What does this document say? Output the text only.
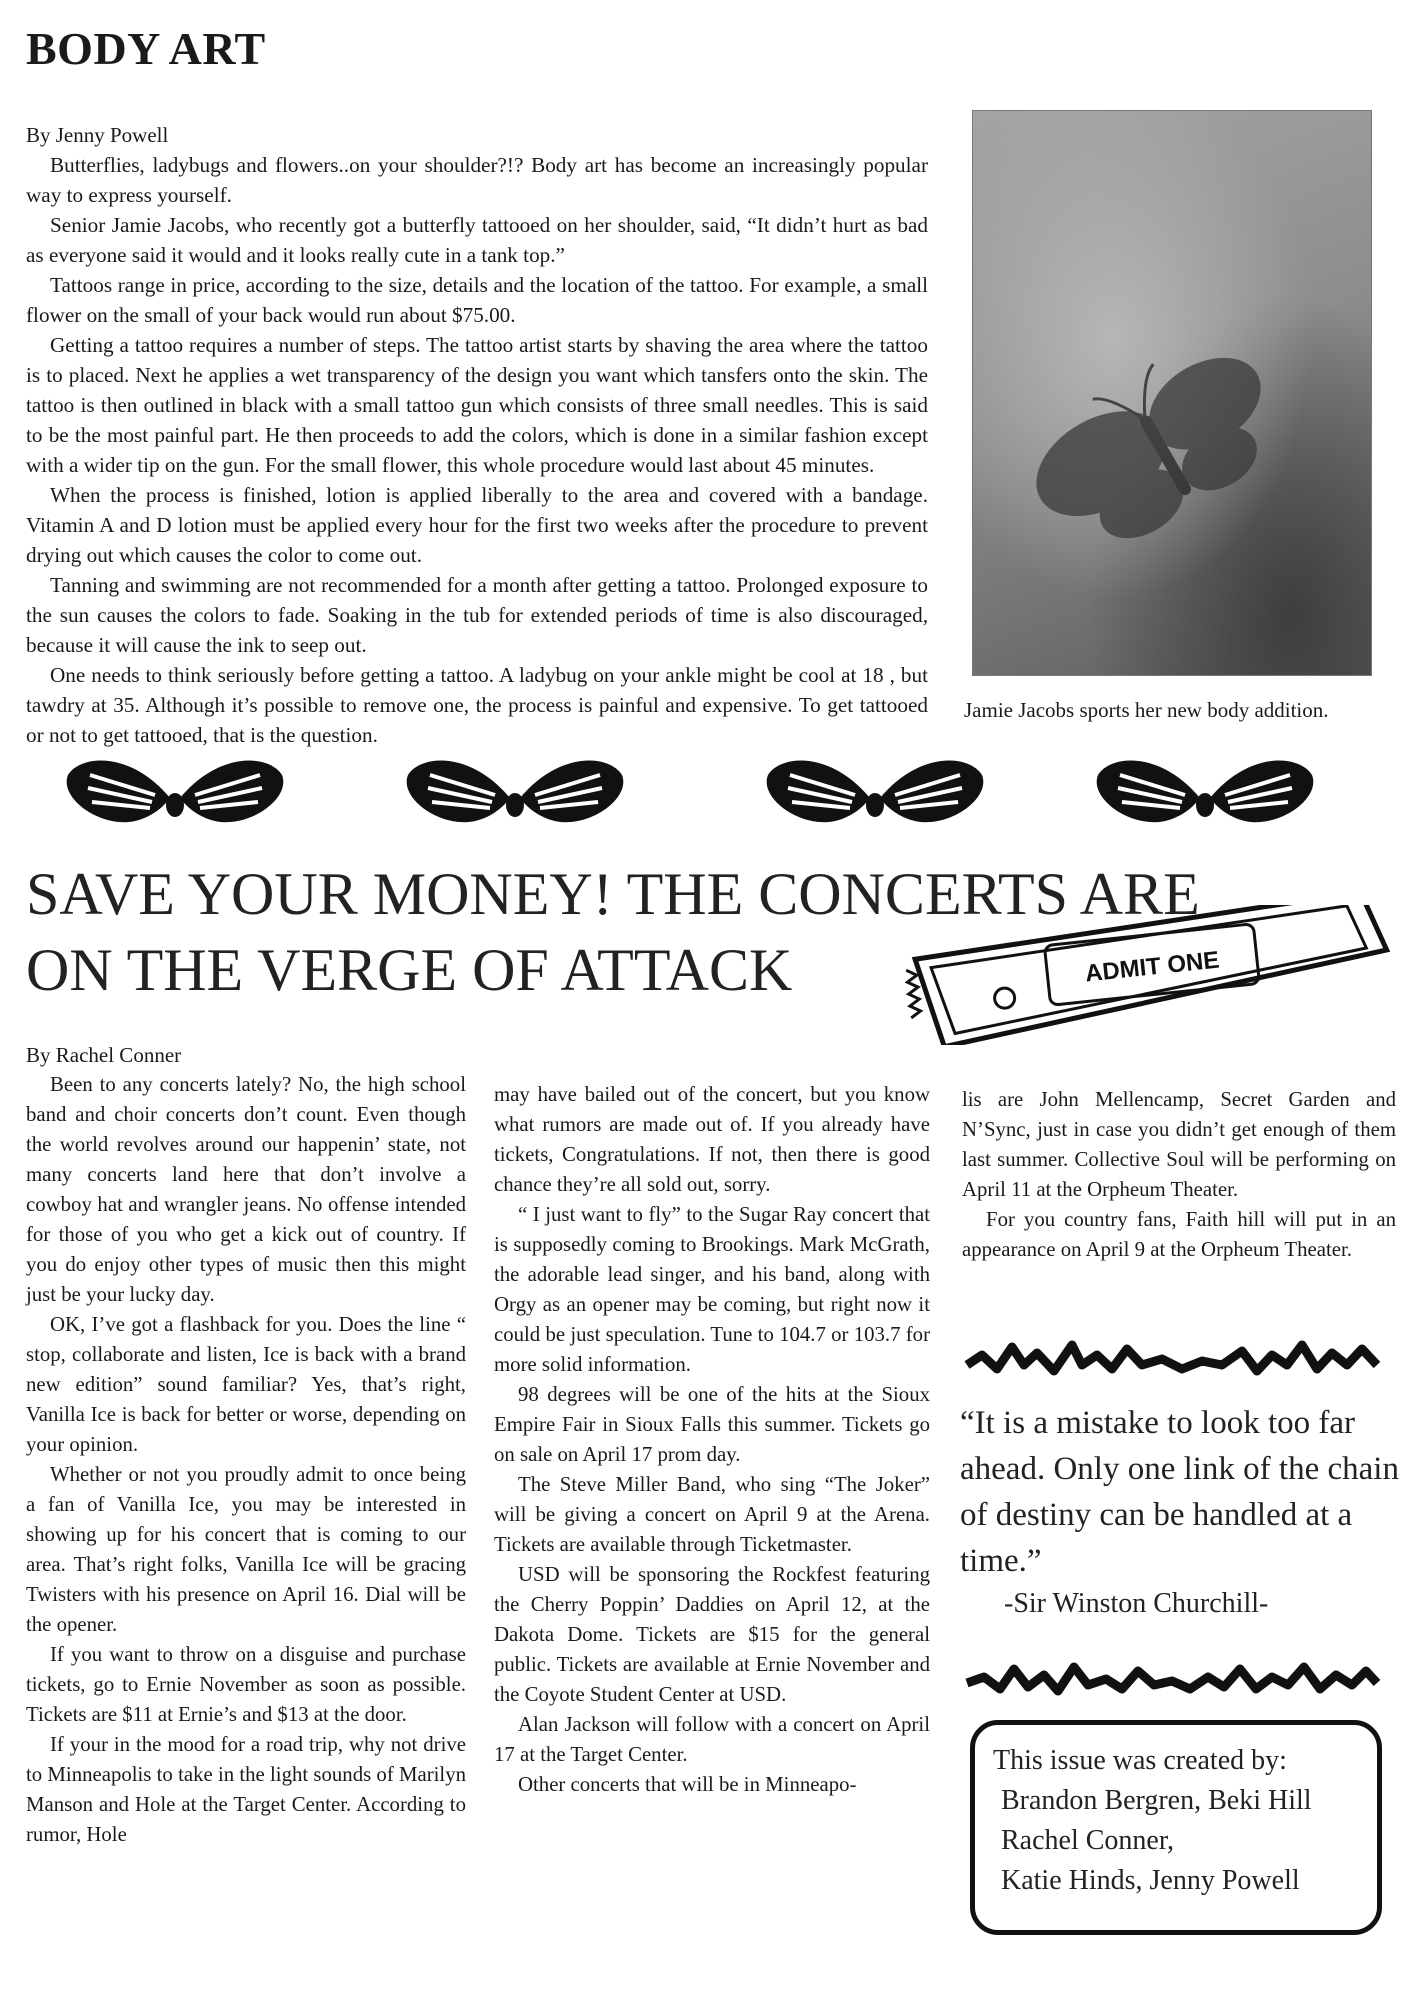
BODY ART
By Jenny Powell

Butterflies, ladybugs and flowers..on your shoulder?!? Body art has become an increasingly popular way to express yourself.

Senior Jamie Jacobs, who recently got a butterfly tattooed on her shoulder, said, “It didn’t hurt as bad as everyone said it would and it looks really cute in a tank top.”

Tattoos range in price, according to the size, details and the location of the tattoo. For example, a small flower on the small of your back would run about $75.00.

Getting a tattoo requires a number of steps. The tattoo artist starts by shaving the area where the tattoo is to placed. Next he applies a wet transparency of the design you want which tansfers onto the skin. The tattoo is then outlined in black with a small tattoo gun which consists of three small needles. This is said to be the most painful part. He then proceeds to add the colors, which is done in a similar fashion except with a wider tip on the gun. For the small flower, this whole procedure would last about 45 minutes.

When the process is finished, lotion is applied liberally to the area and covered with a bandage. Vitamin A and D lotion must be applied every hour for the first two weeks after the procedure to prevent drying out which causes the color to come out.

Tanning and swimming are not recommended for a month after getting a tattoo. Prolonged exposure to the sun causes the colors to fade. Soaking in the tub for extended periods of time is also discouraged, because it will cause the ink to seep out.

One needs to think seriously before getting a tattoo. A ladybug on your ankle might be cool at 18 , but tawdry at 35. Although it’s possible to remove one, the process is painful and expensive. To get tattooed or not to get tattooed, that is the question.

Jamie Jacobs sports her new body addition.
SAVE YOUR MONEY! THE CONCERTS ARE
ON THE VERGE OF ATTACK	ADMIT ONE
By Rachel Conner

Been to any concerts lately? No, the high school band and choir concerts don’t count. Even though the world revolves around our happenin’ state, not many concerts land here that don’t involve a cowboy hat and wrangler jeans. No offense intended for those of you who get a kick out of country. If you do enjoy other types of music then this might just be your lucky day.

OK, I’ve got a flashback for you. Does the line “ stop, collaborate and listen, Ice is back with a brand new edition” sound familiar? Yes, that’s right, Vanilla Ice is back for better or worse, depending on your opinion.

Whether or not you proudly admit to once being a fan of Vanilla Ice, you may be interested in showing up for his concert that is coming to our area. That’s right folks, Vanilla Ice will be gracing Twisters with his presence on April 16. Dial will be the opener.

If you want to throw on a disguise and purchase tickets, go to Ernie November as soon as possible. Tickets are $11 at Ernie’s and $13 at the door.

If your in the mood for a road trip, why not drive to Minneapolis to take in the light sounds of Marilyn Manson and Hole at the Target Center. According to rumor, Hole

may have bailed out of the concert, but you know what rumors are made out of. If you already have tickets, Congratulations. If not, then there is good chance they’re all sold out, sorry.

“ I just want to fly” to the Sugar Ray concert that is supposedly coming to Brookings. Mark McGrath, the adorable lead singer, and his band, along with Orgy as an opener may be coming, but right now it could be just speculation. Tune to 104.7 or 103.7 for more solid information.

98 degrees will be one of the hits at the Sioux Empire Fair in Sioux Falls this summer. Tickets go on sale on April 17 prom day.

The Steve Miller Band, who sing “The Joker” will be giving a concert on April 9 at the Arena. Tickets are available through Ticketmaster.

USD will be sponsoring the Rockfest featuring the Cherry Poppin’ Daddies on April 12, at the Dakota Dome. Tickets are $15 for the general public. Tickets are available at Ernie November and the Coyote Student Center at USD.

Alan Jackson will follow with a concert on April 17 at the Target Center.

Other concerts that will be in Minneapo-

lis are John Mellencamp, Secret Garden and N’Sync, just in case you didn’t get enough of them last summer. Collective Soul will be performing on April 11 at the Orpheum Theater.

For you country fans, Faith hill will put in an appearance on April 9 at the Orpheum Theater.

“It is a mistake to look too far ahead. Only one link of the chain of destiny can be handled at a time.”
-Sir Winston Churchill-
This issue was created by:
Brandon Bergren, Beki Hill
Rachel Conner,
Katie Hinds, Jenny Powell
